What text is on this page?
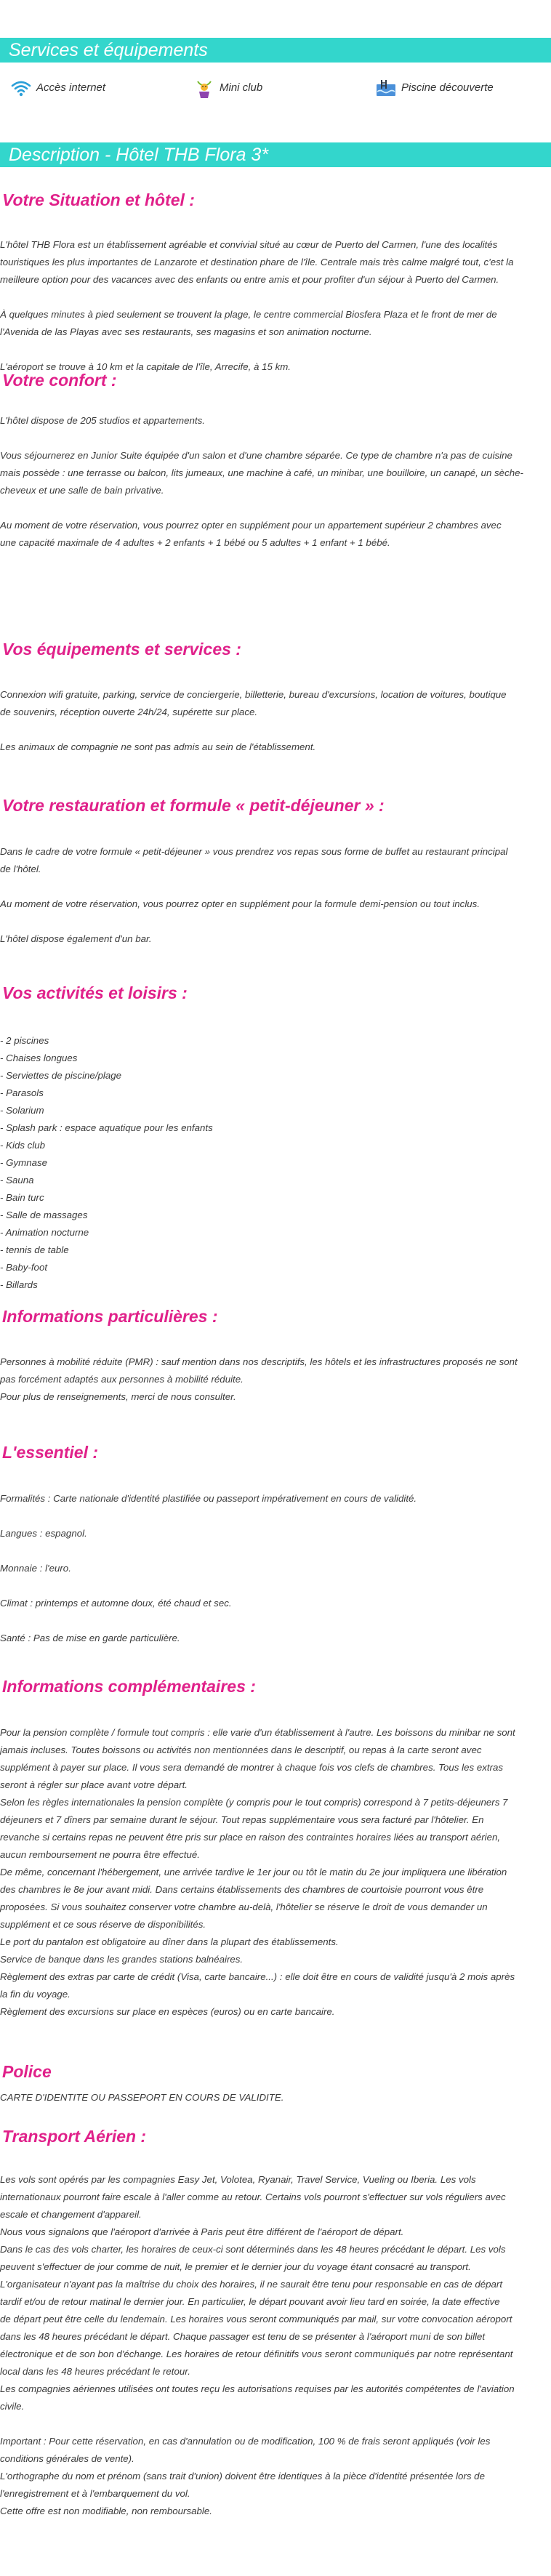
Services et équipements
Accès internet	Mini club	Piscine découverte
Description - Hôtel THB Flora 3*
Votre Situation et hôtel :
L'hôtel THB Flora est un établissement agréable et convivial situé au cœur de Puerto del Carmen, l'une des localités
touristiques les plus importantes de Lanzarote et destination phare de l'île. Centrale mais très calme malgré tout, c'est la
meilleure option pour des vacances avec des enfants ou entre amis et pour profiter d'un séjour à Puerto del Carmen.

À quelques minutes à pied seulement se trouvent la plage, le centre commercial Biosfera Plaza et le front de mer de
l'Avenida de las Playas avec ses restaurants, ses magasins et son animation nocturne.

L'aéroport se trouve à 10 km et la capitale de l'île, Arrecife, à 15 km.
Votre confort :
L'hôtel dispose de 205 studios et appartements.

Vous séjournerez en Junior Suite équipée d'un salon et d'une chambre séparée. Ce type de chambre n'a pas de cuisine
mais possède : une terrasse ou balcon, lits jumeaux, une machine à café, un minibar, une bouilloire, un canapé, un sèche-
cheveux et une salle de bain privative.

Au moment de votre réservation, vous pourrez opter en supplément pour un appartement supérieur 2 chambres avec
une capacité maximale de 4 adultes + 2 enfants + 1 bébé ou 5 adultes + 1 enfant + 1 bébé.
Vos équipements et services :
Connexion wifi gratuite, parking, service de conciergerie, billetterie, bureau d'excursions, location de voitures, boutique
de souvenirs, réception ouverte 24h/24, supérette sur place.

Les animaux de compagnie ne sont pas admis au sein de l'établissement.
Votre restauration et formule « petit-déjeuner » :
Dans le cadre de votre formule « petit-déjeuner » vous prendrez vos repas sous forme de buffet au restaurant principal
de l'hôtel.

Au moment de votre réservation, vous pourrez opter en supplément pour la formule demi-pension ou tout inclus.

L'hôtel dispose également d'un bar.
Vos activités et loisirs :
- 2 piscines
- Chaises longues
- Serviettes de piscine/plage
- Parasols
- Solarium
- Splash park : espace aquatique pour les enfants
- Kids club
- Gymnase
- Sauna
- Bain turc
- Salle de massages
- Animation nocturne
- tennis de table
- Baby-foot
- Billards
Informations particulières :
Personnes à mobilité réduite (PMR) : sauf mention dans nos descriptifs, les hôtels et les infrastructures proposés ne sont
pas forcément adaptés aux personnes à mobilité réduite.
Pour plus de renseignements, merci de nous consulter.
L'essentiel :
Formalités : Carte nationale d'identité plastifiée ou passeport impérativement en cours de validité.

Langues : espagnol.

Monnaie : l'euro.

Climat : printemps et automne doux, été chaud et sec.

Santé : Pas de mise en garde particulière.
Informations complémentaires :
Pour la pension complète / formule tout compris : elle varie d'un établissement à l'autre. Les boissons du minibar ne sont
jamais incluses. Toutes boissons ou activités non mentionnées dans le descriptif, ou repas à la carte seront avec
supplément à payer sur place. Il vous sera demandé de montrer à chaque fois vos clefs de chambres. Tous les extras
seront à régler sur place avant votre départ.
Selon les règles internationales la pension complète (y compris pour le tout compris) correspond à 7 petits-déjeuners 7
déjeuners et 7 dîners par semaine durant le séjour. Tout repas supplémentaire vous sera facturé par l'hôtelier. En
revanche si certains repas ne peuvent être pris sur place en raison des contraintes horaires liées au transport aérien,
aucun remboursement ne pourra être effectué.
De même, concernant l'hébergement, une arrivée tardive le 1er jour ou tôt le matin du 2e jour impliquera une libération
des chambres le 8e jour avant midi. Dans certains établissements des chambres de courtoisie pourront vous être
proposées. Si vous souhaitez conserver votre chambre au-delà, l'hôtelier se réserve le droit de vous demander un
supplément et ce sous réserve de disponibilités.
Le port du pantalon est obligatoire au dîner dans la plupart des établissements.
Service de banque dans les grandes stations balnéaires.
Règlement des extras par carte de crédit (Visa, carte bancaire...) : elle doit être en cours de validité jusqu'à 2 mois après
la fin du voyage.
Règlement des excursions sur place en espèces (euros) ou en carte bancaire.
Police
CARTE D'IDENTITE OU PASSEPORT EN COURS DE VALIDITE.
Transport Aérien :
Les vols sont opérés par les compagnies Easy Jet, Volotea, Ryanair, Travel Service, Vueling ou Iberia. Les vols
internationaux pourront faire escale à l'aller comme au retour. Certains vols pourront s'effectuer sur vols réguliers avec
escale et changement d'appareil.
Nous vous signalons que l'aéroport d'arrivée à Paris peut être différent de l'aéroport de départ.
Dans le cas des vols charter, les horaires de ceux-ci sont déterminés dans les 48 heures précédant le départ. Les vols
peuvent s'effectuer de jour comme de nuit, le premier et le dernier jour du voyage étant consacré au transport.
L'organisateur n'ayant pas la maîtrise du choix des horaires, il ne saurait être tenu pour responsable en cas de départ
tardif et/ou de retour matinal le dernier jour. En particulier, le départ pouvant avoir lieu tard en soirée, la date effective
de départ peut être celle du lendemain. Les horaires vous seront communiqués par mail, sur votre convocation aéroport
dans les 48 heures précédant le départ. Chaque passager est tenu de se présenter à l'aéroport muni de son billet
électronique et de son bon d'échange. Les horaires de retour définitifs vous seront communiqués par notre représentant
local dans les 48 heures précédant le retour.
Les compagnies aériennes utilisées ont toutes reçu les autorisations requises par les autorités compétentes de l'aviation
civile.

Important : Pour cette réservation, en cas d'annulation ou de modification, 100 % de frais seront appliqués (voir les
conditions générales de vente).
L'orthographe du nom et prénom (sans trait d'union) doivent être identiques à la pièce d'identité présentée lors de
l'enregistrement et à l'embarquement du vol.
Cette offre est non modifiable, non remboursable.
